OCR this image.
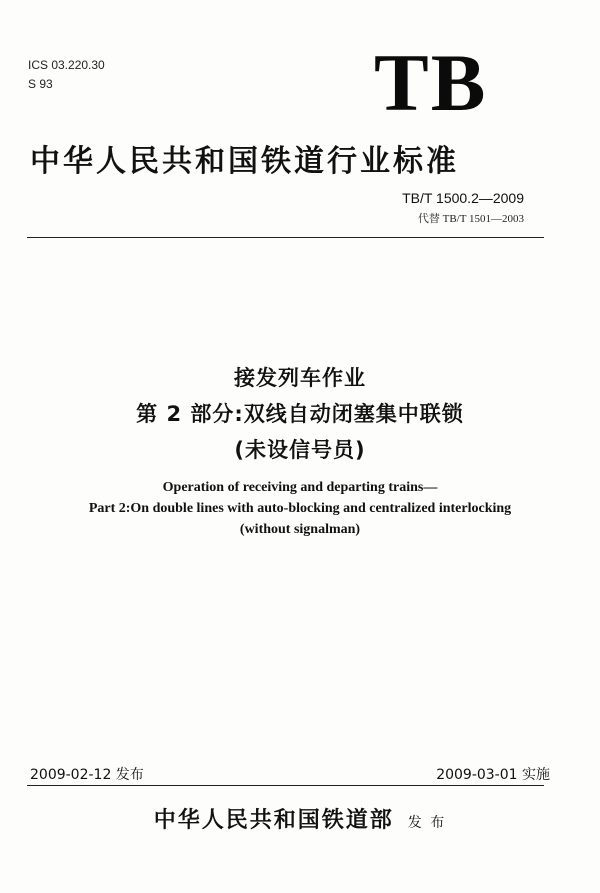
ICS 03.220.30
S 93	TB
中华人民共和国铁道行业标准
TB/T 1500.2—2009
代替 TB/T 1501—2003
接发列车作业
第 2 部分:双线自动闭塞集中联锁
(未设信号员)
Operation of receiving and departing trains—
Part 2:On double lines with auto-blocking and centralized interlocking
(without signalman)
2009-02-12 发布	2009-03-01 实施
中华人民共和国铁道部 发 布
